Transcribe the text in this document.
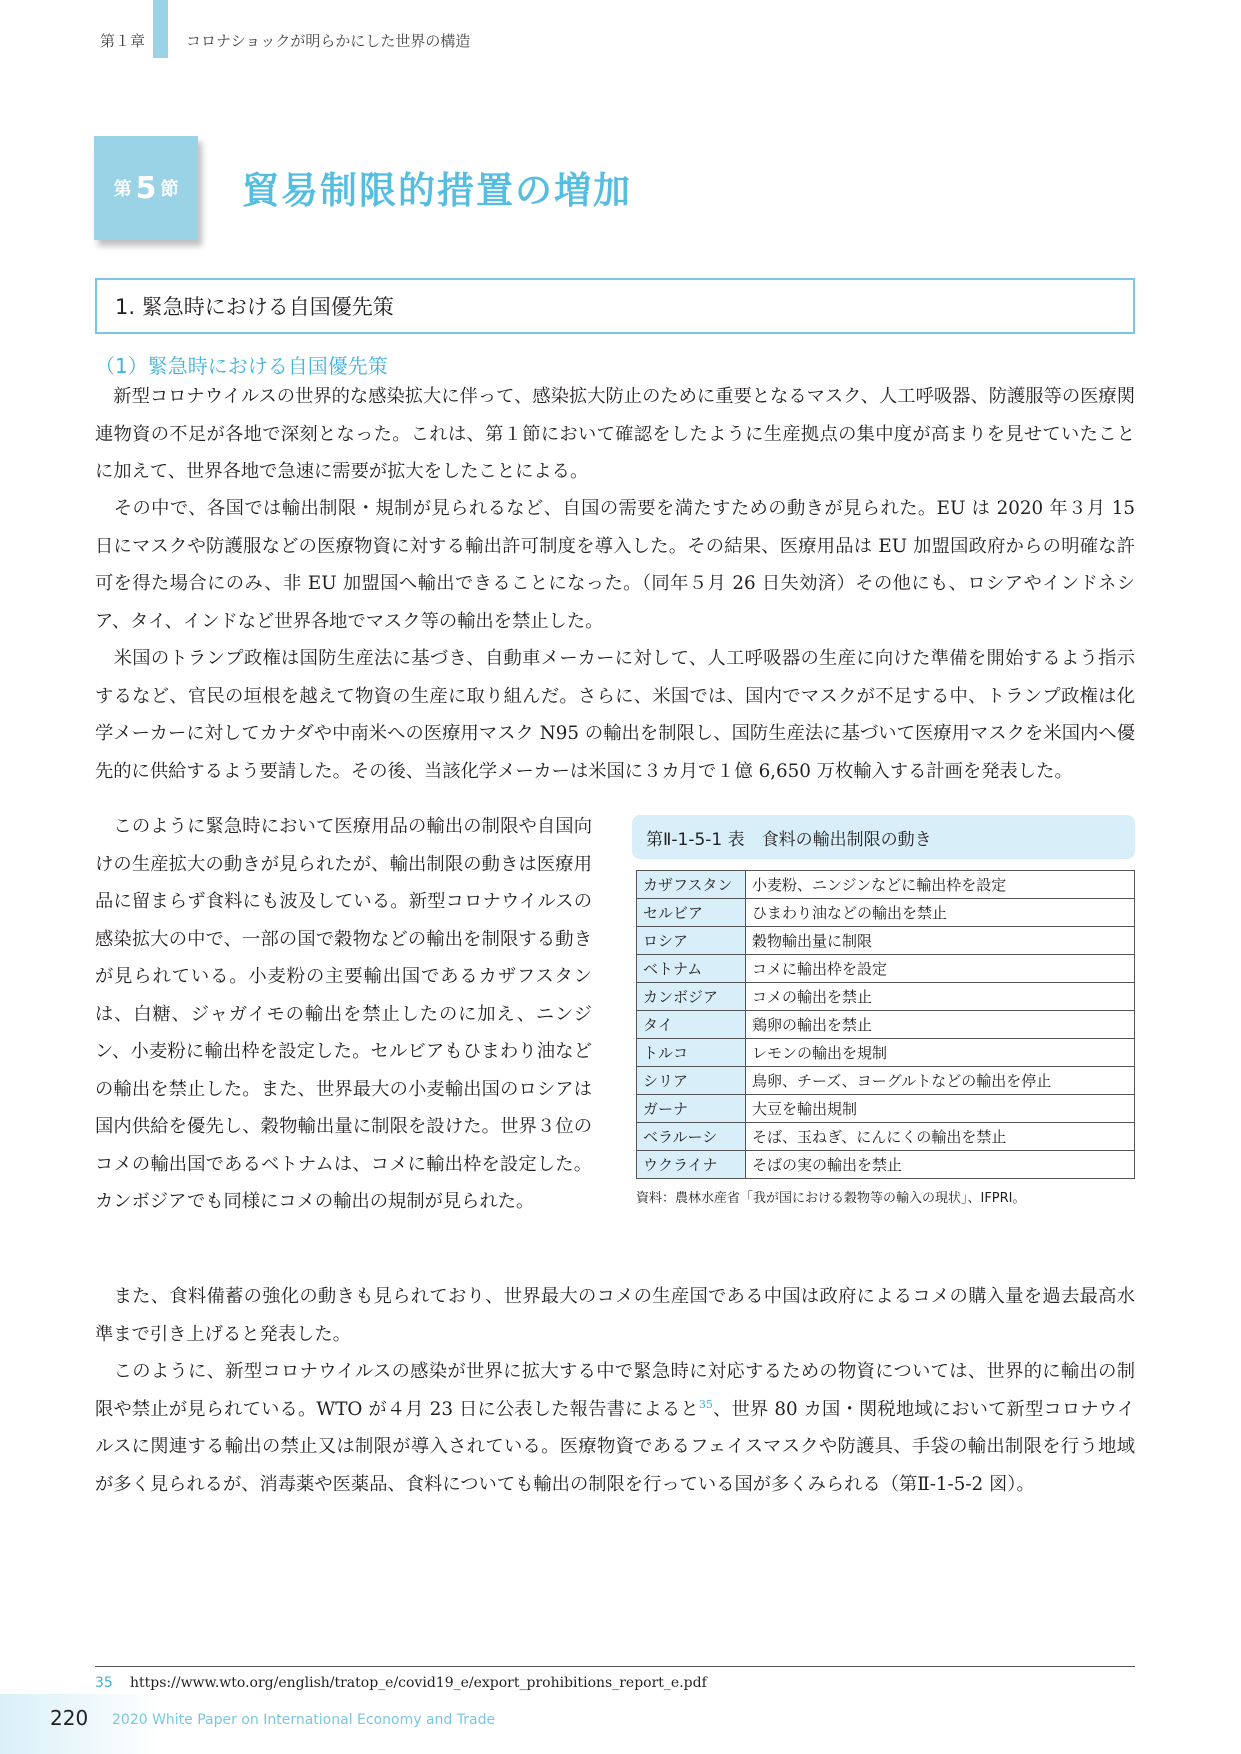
第１章	コロナショックが明らかにした世界の構造
第 5 節 貿易制限的措置の増加
1. 緊急時における自国優先策
（1）緊急時における自国優先策

新型コロナウイルスの世界的な感染拡大に伴って、感染拡大防止のために重要となるマスク、人工呼吸器、防護服等の医療関連物資の不足が各地で深刻となった。これは、第１節において確認をしたように生産拠点の集中度が高まりを見せていたことに加えて、世界各地で急速に需要が拡大をしたことによる。

その中で、各国では輸出制限・規制が見られるなど、自国の需要を満たすための動きが見られた。EU は 2020 年３月 15 日にマスクや防護服などの医療物資に対する輸出許可制度を導入した。その結果、医療用品は EU 加盟国政府からの明確な許可を得た場合にのみ、非 EU 加盟国へ輸出できることになった。（同年５月 26 日失効済）その他にも、ロシアやインドネシア、タイ、インドなど世界各地でマスク等の輸出を禁止した。

米国のトランプ政権は国防生産法に基づき、自動車メーカーに対して、人工呼吸器の生産に向けた準備を開始するよう指示するなど、官民の垣根を越えて物資の生産に取り組んだ。さらに、米国では、国内でマスクが不足する中、トランプ政権は化学メーカーに対してカナダや中南米への医療用マスク N95 の輸出を制限し、国防生産法に基づいて医療用マスクを米国内へ優先的に供給するよう要請した。その後、当該化学メーカーは米国に３カ月で１億 6,650 万枚輸入する計画を発表した。

このように緊急時において医療用品の輸出の制限や自国向けの生産拡大の動きが見られたが、輸出制限の動きは医療用品に留まらず食料にも波及している。新型コロナウイルスの感染拡大の中で、一部の国で穀物などの輸出を制限する動きが見られている。小麦粉の主要輸出国であるカザフスタンは、白糖、ジャガイモの輸出を禁止したのに加え、ニンジン、小麦粉に輸出枠を設定した。セルビアもひまわり油などの輸出を禁止した。また、世界最大の小麦輸出国のロシアは国内供給を優先し、穀物輸出量に制限を設けた。世界３位のコメの輸出国であるベトナムは、コメに輸出枠を設定した。カンボジアでも同様にコメの輸出の規制が見られた。

また、食料備蓄の強化の動きも見られており、世界最大のコメの生産国である中国は政府によるコメの購入量を過去最高水準まで引き上げると発表した。

このように、新型コロナウイルスの感染が世界に拡大する中で緊急時に対応するための物資については、世界的に輸出の制限や禁止が見られている。WTO が４月 23 日に公表した報告書によると$^{35}$、世界 80 カ国・関税地域において新型コロナウイルスに関連する輸出の禁止又は制限が導入されている。医療物資であるフェイスマスクや防護具、手袋の輸出制限を行う地域が多く見られるが、消毒薬や医薬品、食料についても輸出の制限を行っている国が多くみられる（第Ⅱ-1-5-2 図）。

第Ⅱ-1-5-1 表　食料の輸出制限の動き
カザフスタン	小麦粉、ニンジンなどに輸出枠を設定
セルビア	ひまわり油などの輸出を禁止
ロシア	穀物輸出量に制限
ベトナム	コメに輸出枠を設定
カンボジア	コメの輸出を禁止
タイ	鶏卵の輸出を禁止
トルコ	レモンの輸出を規制
シリア	鳥卵、チーズ、ヨーグルトなどの輸出を停止
ガーナ	大豆を輸出規制
ベラルーシ	そば、玉ねぎ、にんにくの輸出を禁止
ウクライナ	そばの実の輸出を禁止
資料：農林水産省「我が国における穀物等の輸入の現状」、IFPRI。
35 https://www.wto.org/english/tratop_e/covid19_e/export_prohibitions_report_e.pdf
220 2020 White Paper on International Economy and Trade
